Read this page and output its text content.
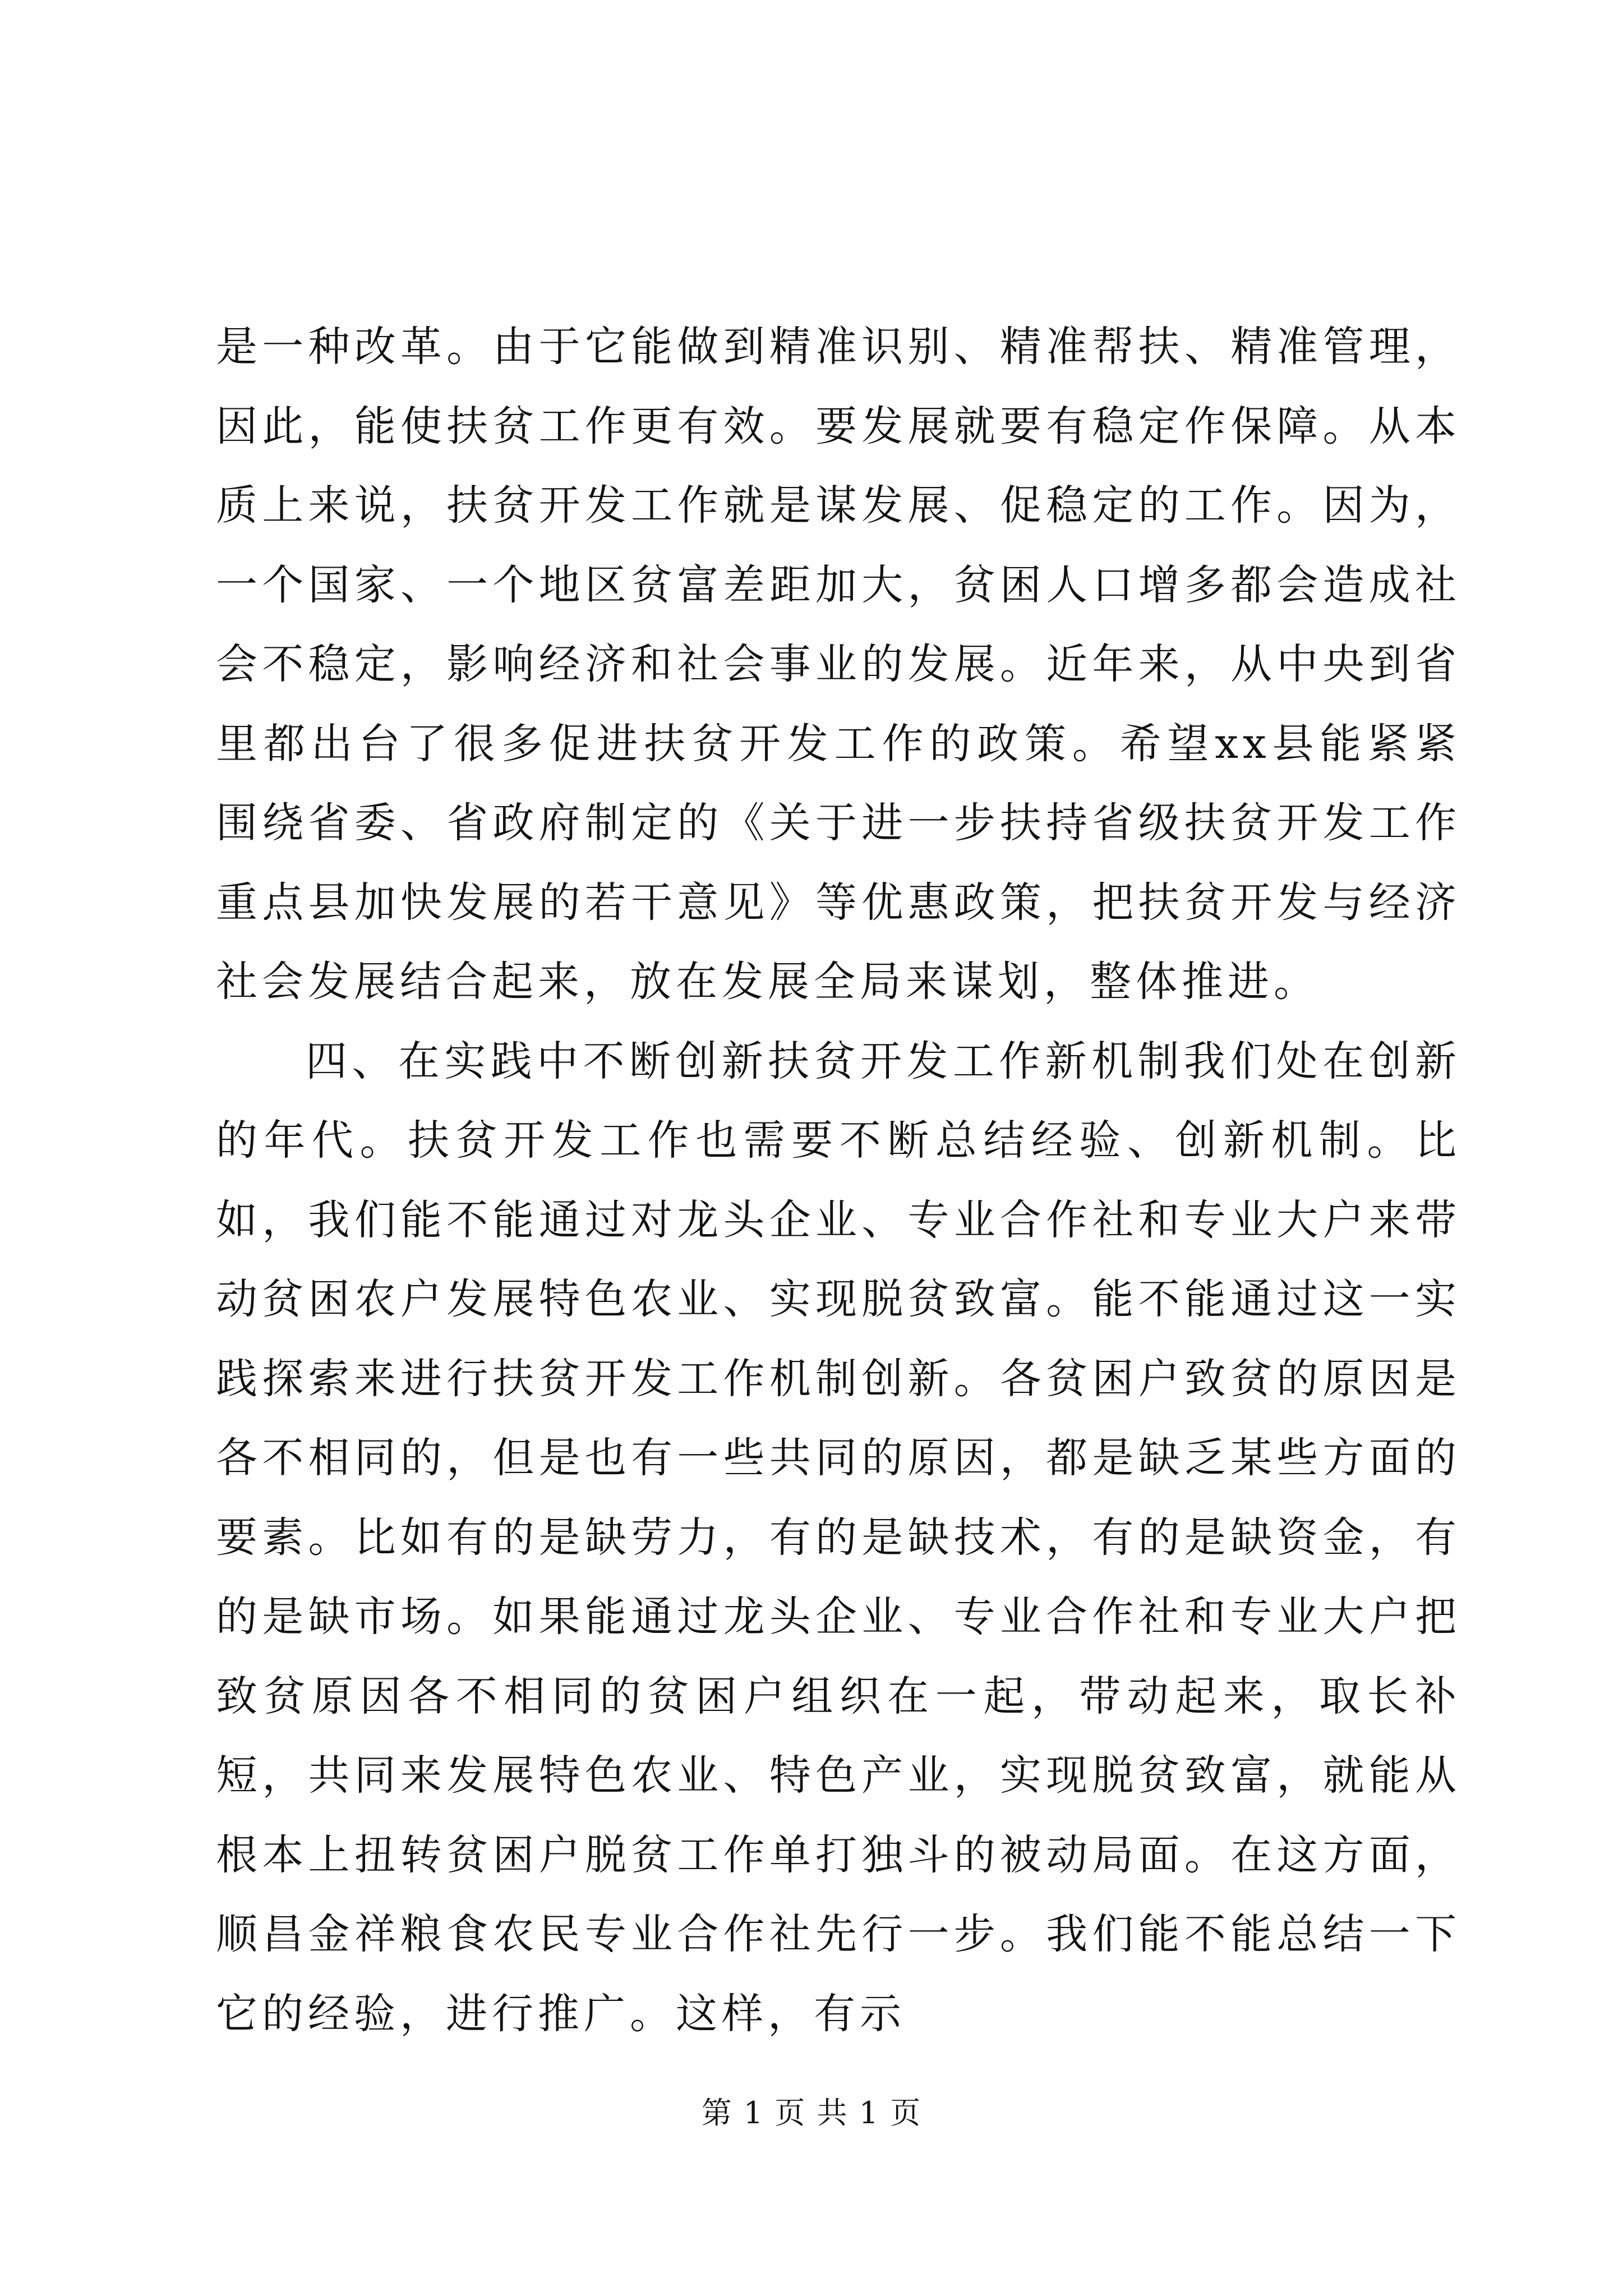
是一种改革。由于它能做到精准识别、精准帮扶、精准管理，因此，能使扶贫工作更有效。要发展就要有稳定作保障。从本质上来说，扶贫开发工作就是谋发展、促稳定的工作。因为，一个国家、一个地区贫富差距加大，贫困人口增多都会造成社会不稳定，影响经济和社会事业的发展。近年来，从中央到省里都出台了很多促进扶贫开发工作的政策。希望xx县能紧紧围绕省委、省政府制定的《关于进一步扶持省级扶贫开发工作重点县加快发展的若干意见》等优惠政策，把扶贫开发与经济社会发展结合起来，放在发展全局来谋划，整体推进。

四、在实践中不断创新扶贫开发工作新机制我们处在创新的年代。扶贫开发工作也需要不断总结经验、创新机制。比如，我们能不能通过对龙头企业、专业合作社和专业大户来带动贫困农户发展特色农业、实现脱贫致富。能不能通过这一实践探索来进行扶贫开发工作机制创新。各贫困户致贫的原因是各不相同的，但是也有一些共同的原因，都是缺乏某些方面的要素。比如有的是缺劳力，有的是缺技术，有的是缺资金，有的是缺市场。如果能通过龙头企业、专业合作社和专业大户把致贫原因各不相同的贫困户组织在一起，带动起来，取长补短，共同来发展特色农业、特色产业，实现脱贫致富，就能从根本上扭转贫困户脱贫工作单打独斗的被动局面。在这方面，顺昌金祥粮食农民专业合作社先行一步。我们能不能总结一下它的经验，进行推广。这样，有示

第 1 页 共 1 页
